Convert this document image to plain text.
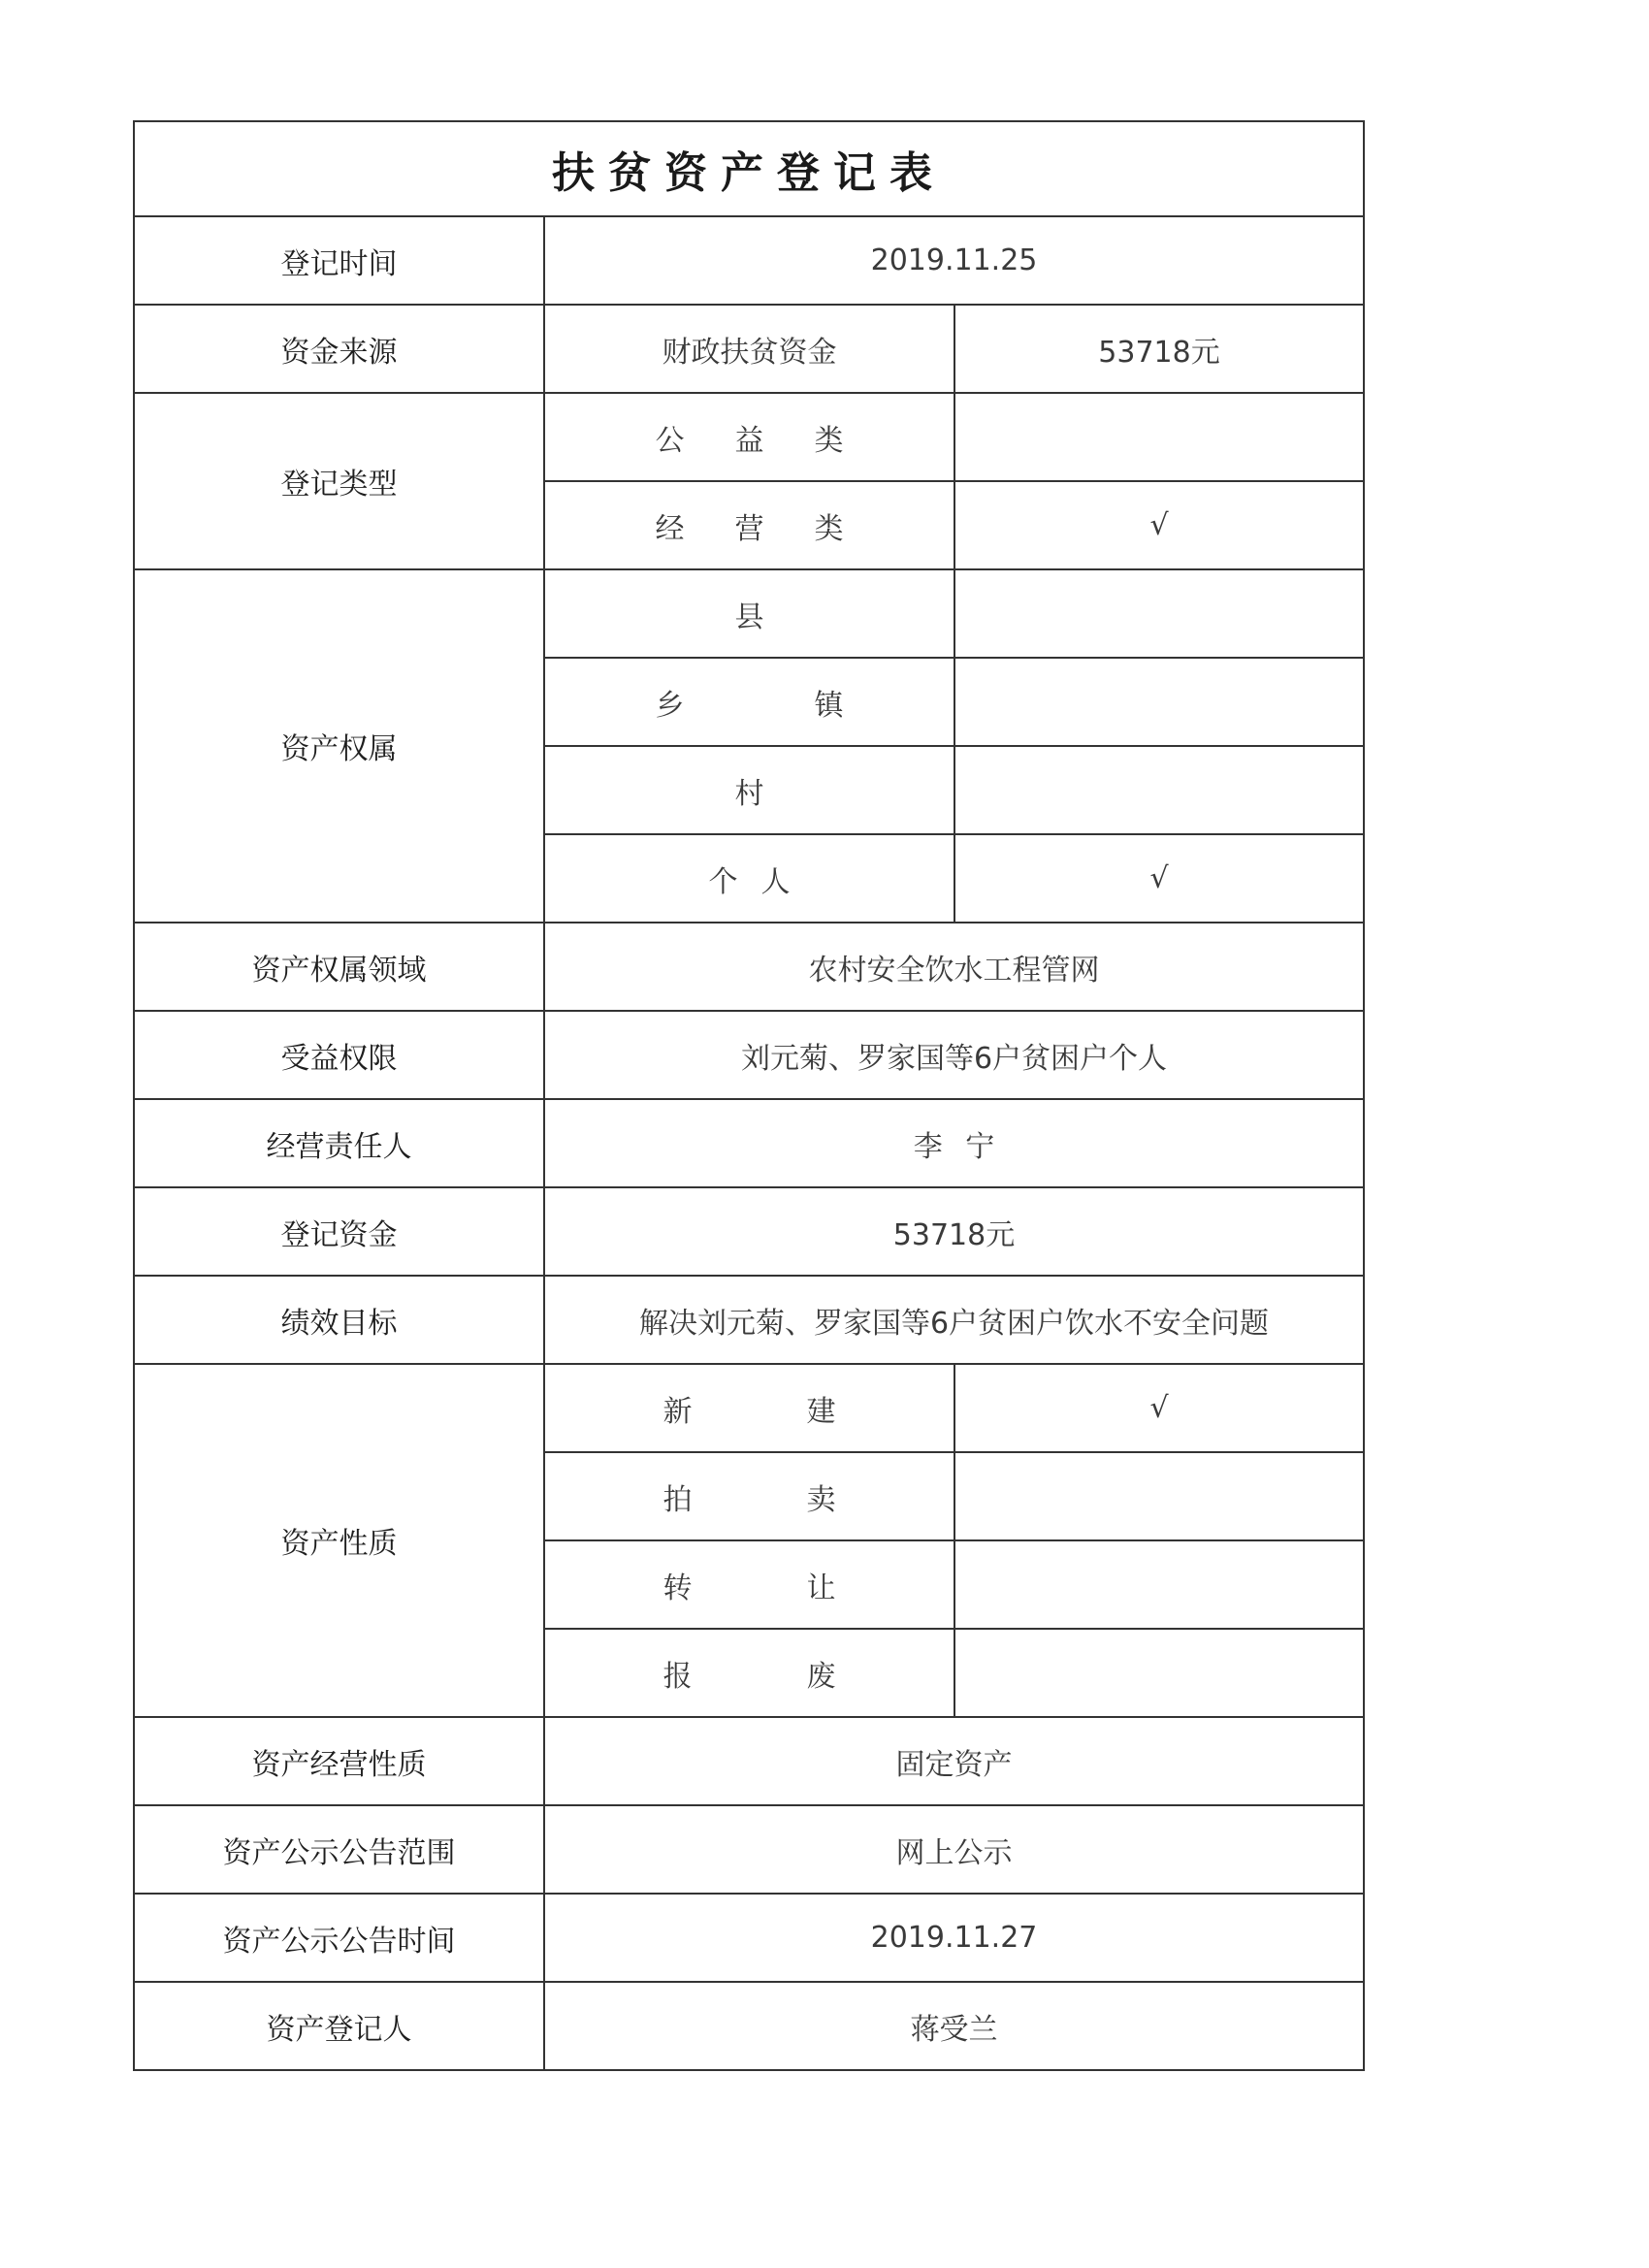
扶贫资产登记表		
登记时间	2019.11.25	
资金来源	财政扶贫资金	53718元
登记类型	公 益 类	
	经 营 类	√
资产权属	县	
	乡 镇	
	村	
	个 人	√
资产权属领域	农村安全饮水工程管网	
受益权限	刘元菊、罗家国等6户贫困户个人	
经营责任人	李 宁	
登记资金	53718元	
绩效目标	解决刘元菊、罗家国等6户贫困户饮水不安全问题	
资产性质	新 建	√
	拍 卖	
	转 让	
	报 废	
资产经营性质	固定资产	
资产公示公告范围	网上公示	
资产公示公告时间	2019.11.27	
资产登记人	蒋受兰	
